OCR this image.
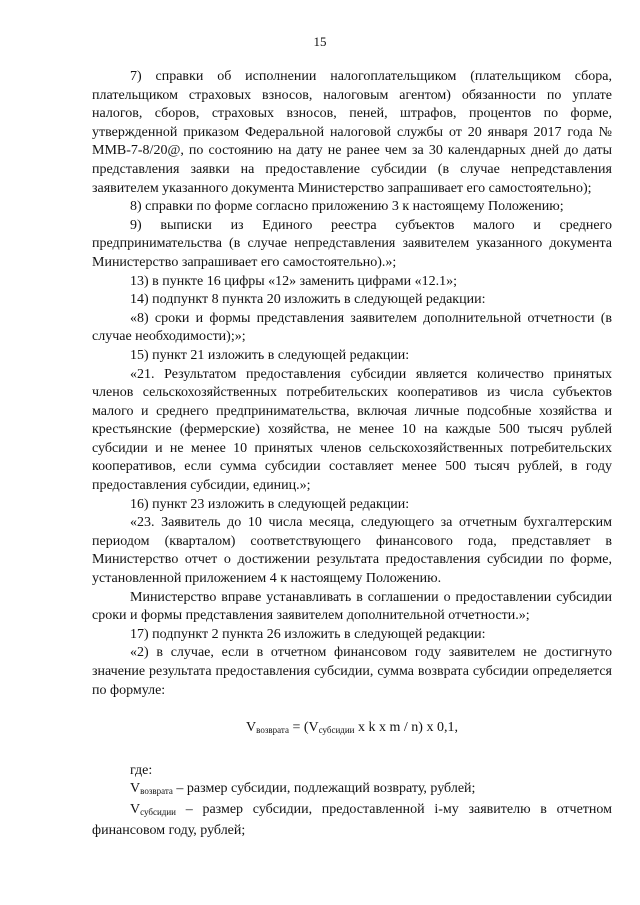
15

7) справки об исполнении налогоплательщиком (плательщиком сбора, плательщиком страховых взносов, налоговым агентом) обязанности по уплате налогов, сборов, страховых взносов, пеней, штрафов, процентов по форме, утвержденной приказом Федеральной налоговой службы от 20 января 2017 года № ММВ-7-8/20@, по состоянию на дату не ранее чем за 30 календарных дней до даты представления заявки на предоставление субсидии (в случае непредставления заявителем указанного документа Министерство запрашивает его самостоятельно);

8) справки по форме согласно приложению 3 к настоящему Положению;

9) выписки из Единого реестра субъектов малого и среднего предпринимательства (в случае непредставления заявителем указанного документа Министерство запрашивает его самостоятельно).»;

13) в пункте 16 цифры «12» заменить цифрами «12.1»;

14) подпункт 8 пункта 20 изложить в следующей редакции:

«8) сроки и формы представления заявителем дополнительной отчетности (в случае необходимости);»;

15) пункт 21 изложить в следующей редакции:

«21. Результатом предоставления субсидии является количество принятых членов сельскохозяйственных потребительских кооперативов из числа субъектов малого и среднего предпринимательства, включая личные подсобные хозяйства и крестьянские (фермерские) хозяйства, не менее 10 на каждые 500 тысяч рублей субсидии и не менее 10 принятых членов сельскохозяйственных потребительских кооперативов, если сумма субсидии составляет менее 500 тысяч рублей, в году предоставления субсидии, единиц.»;

16) пункт 23 изложить в следующей редакции:

«23. Заявитель до 10 числа месяца, следующего за отчетным бухгалтерским периодом (кварталом) соответствующего финансового года, представляет в Министерство отчет о достижении результата предоставления субсидии по форме, установленной приложением 4 к настоящему Положению.

Министерство вправе устанавливать в соглашении о предоставлении субсидии сроки и формы представления заявителем дополнительной отчетности.»;

17) подпункт 2 пункта 26 изложить в следующей редакции:

«2) в случае, если в отчетном финансовом году заявителем не достигнуто значение результата предоставления субсидии, сумма возврата субсидии определяется по формуле:

$V_{возврата} = (V_{субсидии}$ x k x m / n) x 0,1,

где:

$V_{возврата}$ – размер субсидии, подлежащий возврату, рублей;

$V_{субсидии}$ – размер субсидии, предоставленной i-му заявителю в отчетном финансовом году, рублей;
